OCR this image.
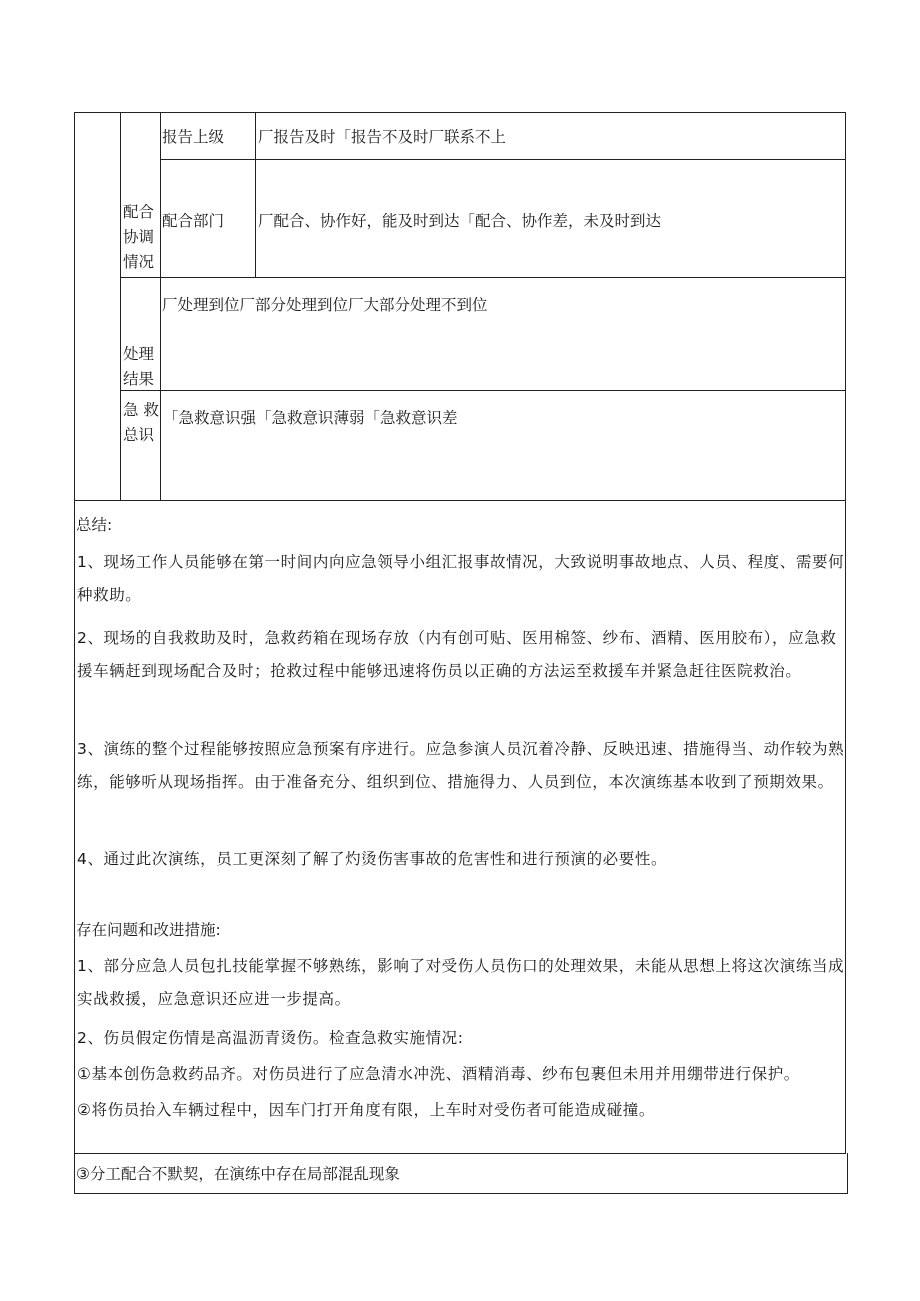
报告上级 厂报告及时「报告不及时厂联系不上
配合部门 厂配合、协作好，能及时到达「配合、协作差，未及时到达
配合
协调
情况
厂处理到位厂部分处理到位厂大部分处理不到位
处理
结果
急 救
总识
「急救意识强「急救意识薄弱「急救意识差
总结:
1、现场工作人员能够在第一时间内向应急领导小组汇报事故情况，大致说明事故地点、人员、程度、需要何种救助。
2、现场的自我救助及时，急救药箱在现场存放（内有创可贴、医用棉签、纱布、酒精、医用胶布），应急救援车辆赶到现场配合及时；抢救过程中能够迅速将伤员以正确的方法运至救援车并紧急赶往医院救治。
3、演练的整个过程能够按照应急预案有序进行。应急参演人员沉着冷静、反映迅速、措施得当、动作较为熟练，能够听从现场指挥。由于准备充分、组织到位、措施得力、人员到位，本次演练基本收到了预期效果。
4、通过此次演练，员工更深刻了解了灼烫伤害事故的危害性和进行预演的必要性。
存在问题和改进措施:
1、部分应急人员包扎技能掌握不够熟练，影响了对受伤人员伤口的处理效果，未能从思想上将这次演练当成实战救援，应急意识还应进一步提高。
2、伤员假定伤情是高温沥青烫伤。检查急救实施情况:
①基本创伤急救药品齐。对伤员进行了应急清水冲洗、酒精消毒、纱布包裹但未用并用绷带进行保护。
②将伤员抬入车辆过程中，因车门打开角度有限，上车时对受伤者可能造成碰撞。
③分工配合不默契，在演练中存在局部混乱现象
